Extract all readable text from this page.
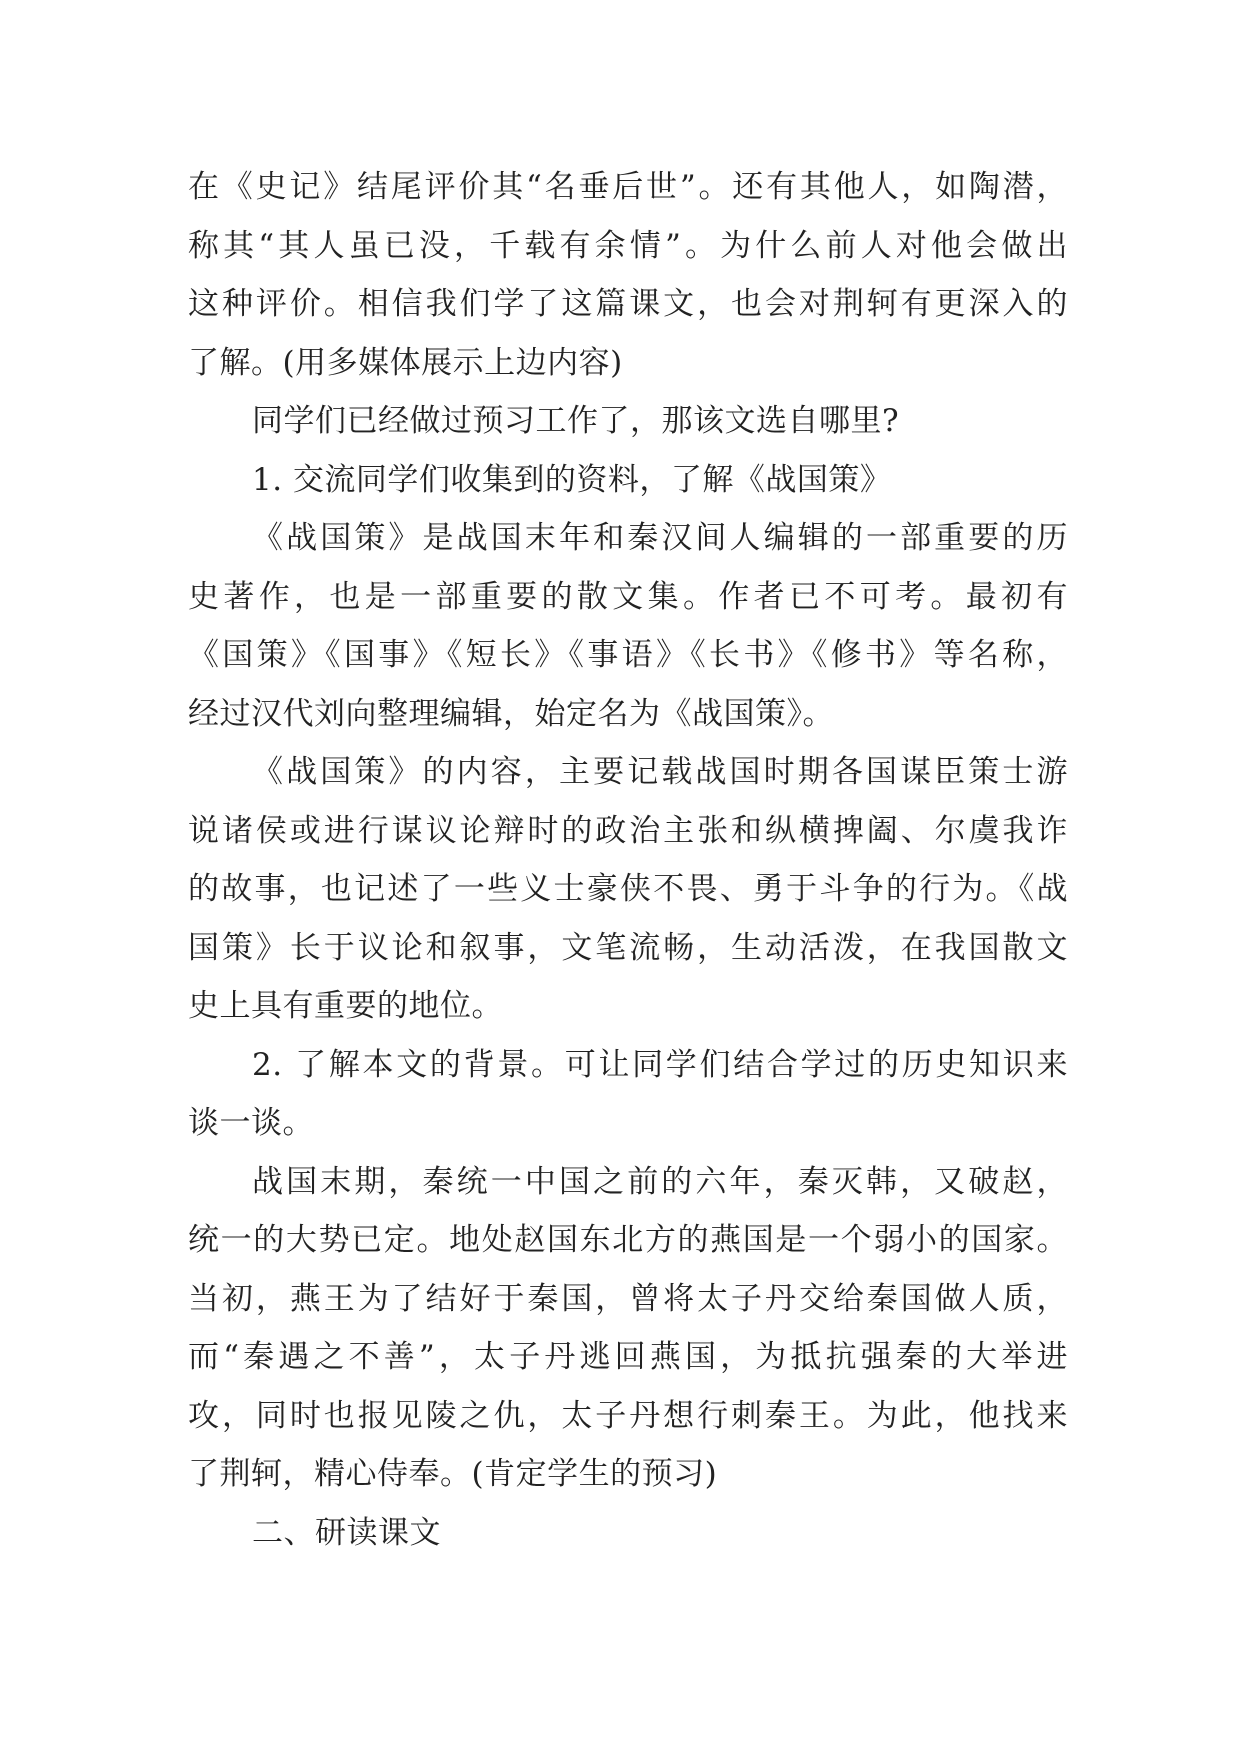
在《史记》结尾评价其“名垂后世”。还有其他人，如陶潜，
称其“其人虽已没，千载有余情”。为什么前人对他会做出
这种评价。相信我们学了这篇课文，也会对荆轲有更深入的
了解。(用多媒体展示上边内容)
同学们已经做过预习工作了，那该文选自哪里?
1. 交流同学们收集到的资料，了解《战国策》
《战国策》是战国末年和秦汉间人编辑的一部重要的历
史著作，也是一部重要的散文集。作者已不可考。最初有
《国策》《国事》《短长》《事语》《长书》《修书》等名称，
经过汉代刘向整理编辑，始定名为《战国策》。
《战国策》的内容，主要记载战国时期各国谋臣策士游
说诸侯或进行谋议论辩时的政治主张和纵横捭阖、尔虞我诈
的故事，也记述了一些义士豪侠不畏、勇于斗争的行为。《战
国策》长于议论和叙事，文笔流畅，生动活泼，在我国散文
史上具有重要的地位。
2. 了解本文的背景。可让同学们结合学过的历史知识来
谈一谈。
战国末期，秦统一中国之前的六年，秦灭韩，又破赵，
统一的大势已定。地处赵国东北方的燕国是一个弱小的国家。
当初，燕王为了结好于秦国，曾将太子丹交给秦国做人质，
而“秦遇之不善”，太子丹逃回燕国，为抵抗强秦的大举进
攻，同时也报见陵之仇，太子丹想行刺秦王。为此，他找来
了荆轲，精心侍奉。(肯定学生的预习)
二、研读课文
